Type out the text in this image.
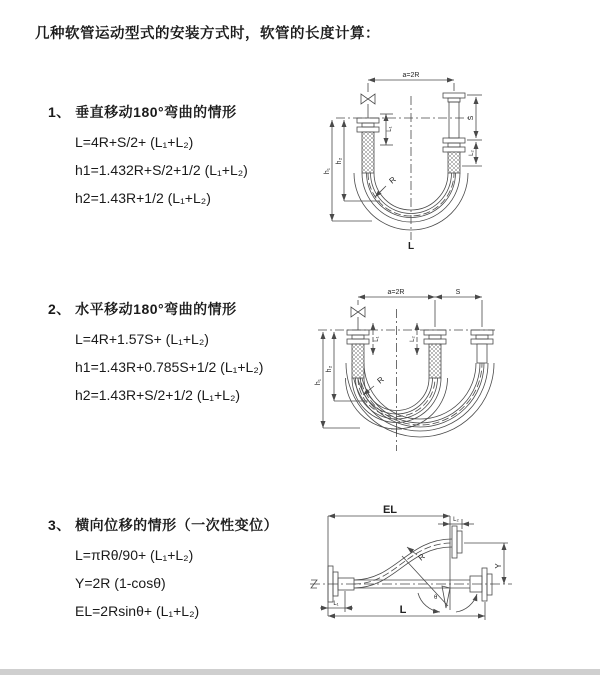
几种软管运动型式的安装方式时，软管的长度计算：
1、 垂直移动180°弯曲的情形
L=4R+S/2+ (L₁+L₂)
h1=1.432R+S/2+1/2 (L₁+L₂)
h2=1.43R+1/2 (L₁+L₂)
a=2R
h₁
h₂
L₁
S
L₂
R
L
2、 水平移动180°弯曲的情形
L=4R+1.57S+ (L₁+L₂)
h1=1.43R+0.785S+1/2 (L₁+L₂)
h2=1.43R+S/2+1/2 (L₁+L₂)
a=2R	S
h₁
h₂
L₁	L₂
R
3、 横向位移的情形（一次性变位）
L=πRθ/90+ (L₁+L₂)
Y=2R (1-cosθ)
EL=2Rsinθ+ (L₁+L₂)
EL
L₂
Y
R
θ
L
L₁
